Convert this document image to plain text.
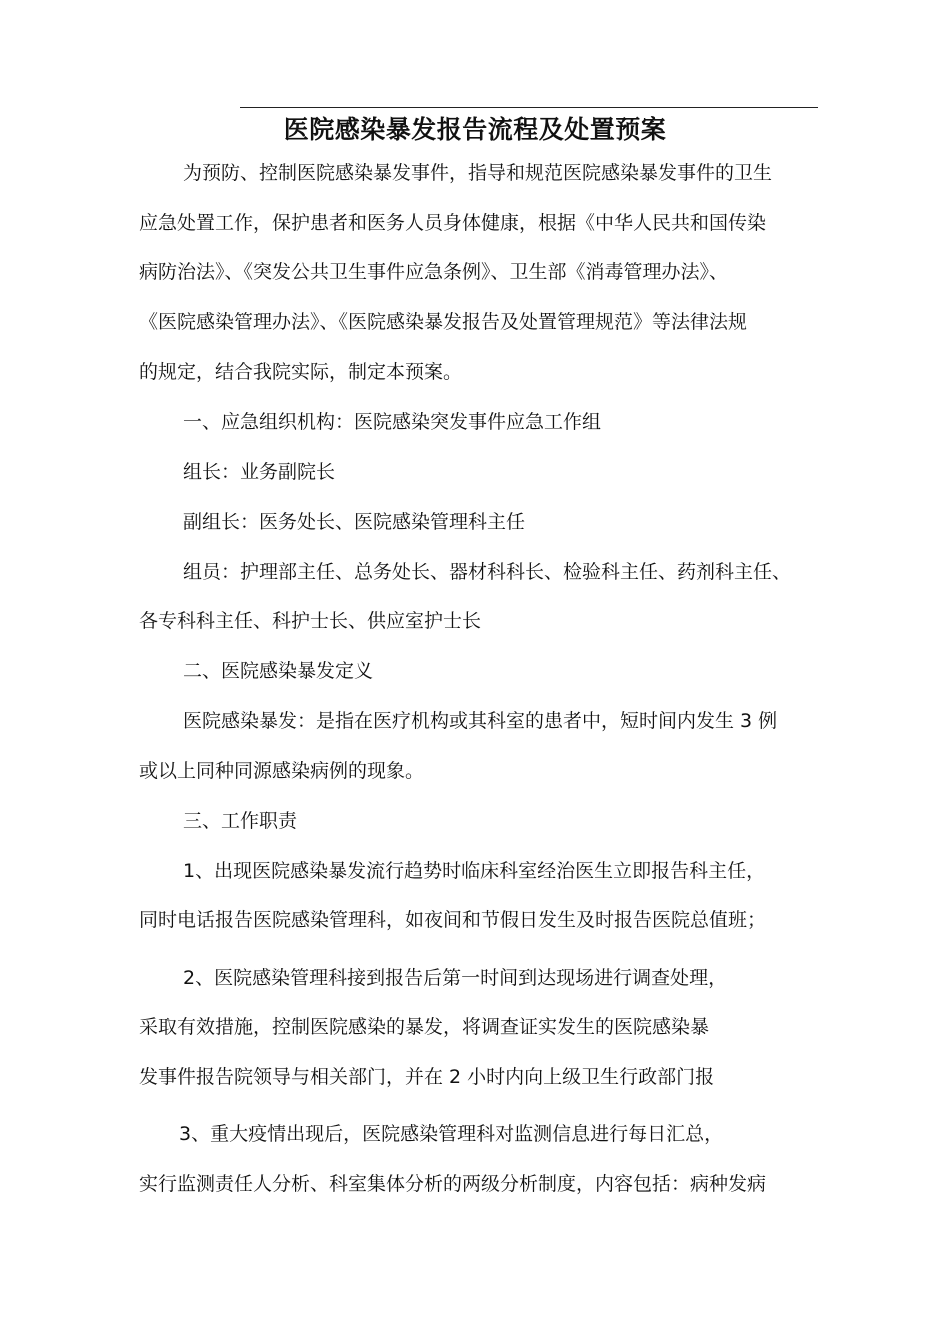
医院感染暴发报告流程及处置预案

为预防、控制医院感染暴发事件，指导和规范医院感染暴发事件的卫生

应急处置工作，保护患者和医务人员身体健康，根据《中华人民共和国传染

病防治法》、《突发公共卫生事件应急条例》、卫生部《消毒管理办法》、

《医院感染管理办法》、《医院感染暴发报告及处置管理规范》等法律法规

的规定，结合我院实际，制定本预案。

一、应急组织机构：医院感染突发事件应急工作组

组长：业务副院长

副组长：医务处长、医院感染管理科主任

组员：护理部主任、总务处长、器材科科长、检验科主任、药剂科主任、

各专科科主任、科护士长、供应室护士长

二、医院感染暴发定义

医院感染暴发：是指在医疗机构或其科室的患者中，短时间内发生 3 例

或以上同种同源感染病例的现象。

三、工作职责

1、出现医院感染暴发流行趋势时临床科室经治医生立即报告科主任，

同时电话报告医院感染管理科，如夜间和节假日发生及时报告医院总值班；

2、医院感染管理科接到报告后第一时间到达现场进行调查处理，

采取有效措施，控制医院感染的暴发，将调查证实发生的医院感染暴

发事件报告院领导与相关部门，并在 2 小时内向上级卫生行政部门报

3、重大疫情出现后，医院感染管理科对监测信息进行每日汇总，

实行监测责任人分析、科室集体分析的两级分析制度，内容包括：病种发病
